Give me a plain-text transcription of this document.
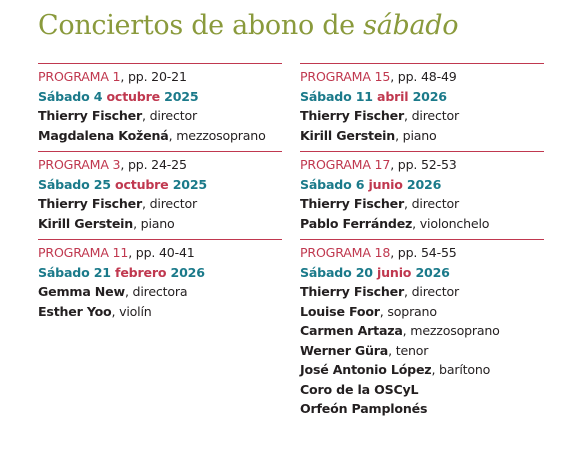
Conciertos de abono de sábado
PROGRAMA 1, pp. 20-21
Sábado 4 octubre 2025
Thierry Fischer, director
Magdalena Kožená, mezzosoprano
PROGRAMA 3, pp. 24-25
Sábado 25 octubre 2025
Thierry Fischer, director
Kirill Gerstein, piano
PROGRAMA 11, pp. 40-41
Sábado 21 febrero 2026
Gemma New, directora
Esther Yoo, violín
PROGRAMA 15, pp. 48-49
Sábado 11 abril 2026
Thierry Fischer, director
Kirill Gerstein, piano
PROGRAMA 17, pp. 52-53
Sábado 6 junio 2026
Thierry Fischer, director
Pablo Ferrández, violonchelo
PROGRAMA 18, pp. 54-55
Sábado 20 junio 2026
Thierry Fischer, director
Louise Foor, soprano
Carmen Artaza, mezzosoprano
Werner Güra, tenor
José Antonio López, barítono
Coro de la OSCyL
Orfeón Pamplonés
